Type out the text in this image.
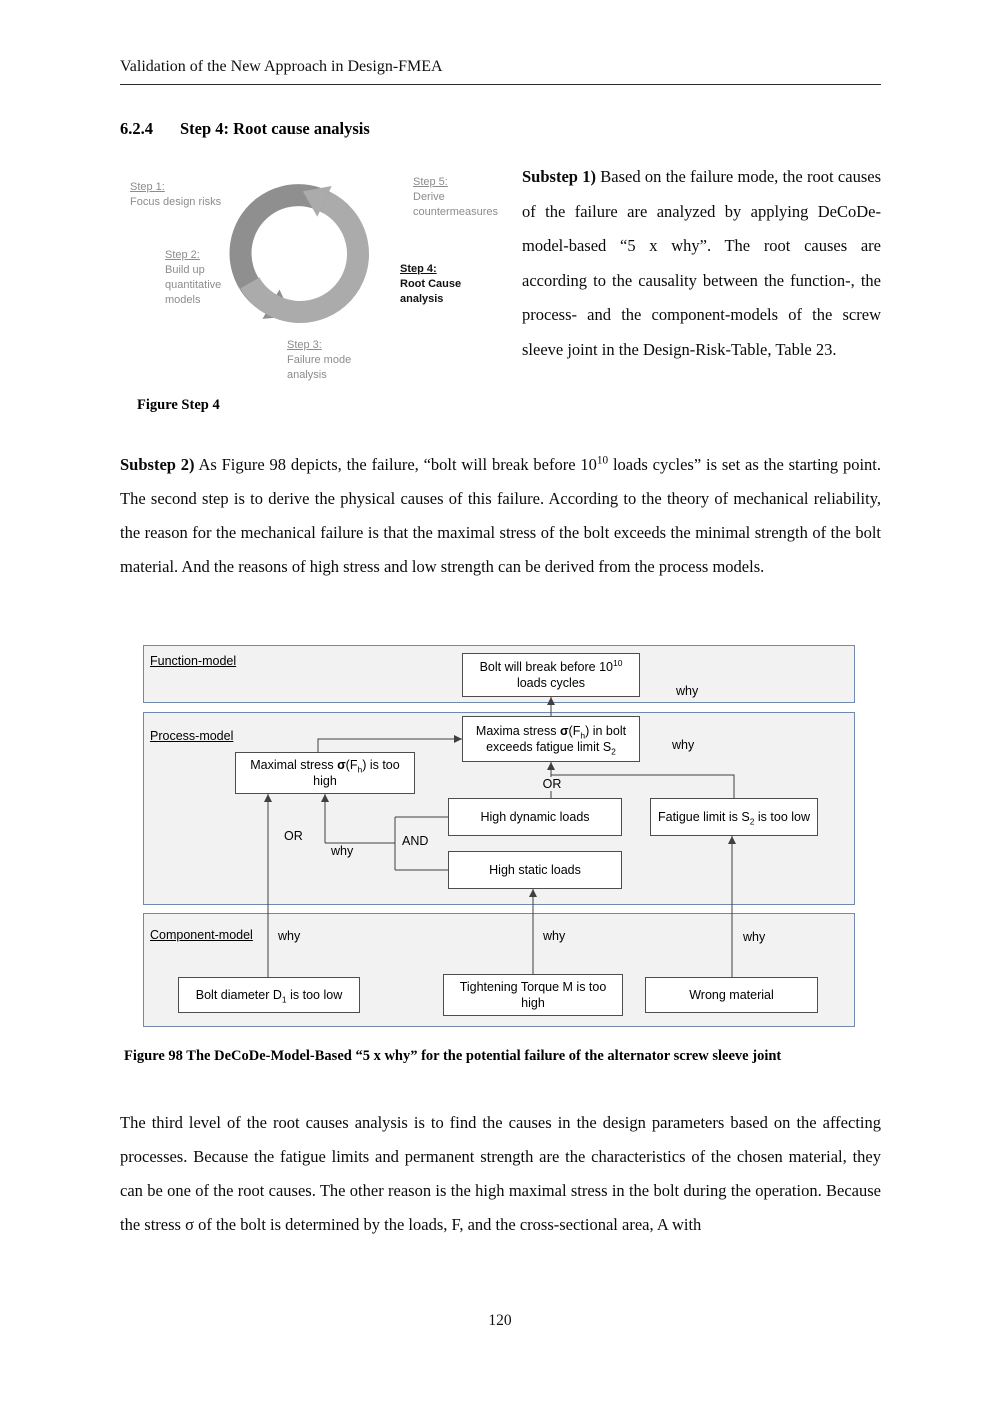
Validation of the New Approach in Design-FMEA
6.2.4 Step 4: Root cause analysis
Step 1:
Focus design risks
Step 2:
Build up quantitative models
Step 3:
Failure mode analysis
Step 4:
Root Cause analysis
Step 5:
Derive countermeasures
Figure Step 4

Substep 1) Based on the failure mode, the root causes of the failure are analyzed by applying DeCoDe-model-based “5 x why”. The root causes are according to the causality between the function-, the process- and the component-models of the screw sleeve joint in the Design-Risk-Table, Table 23.

Substep 2) As Figure 98 depicts, the failure, “bolt will break before $10^{10}$ loads cycles” is set as the starting point. The second step is to derive the physical causes of this failure. According to the theory of mechanical reliability, the reason for the mechanical failure is that the maximal stress of the bolt exceeds the minimal strength of the bolt material. And the reasons of high stress and low strength can be derived from the process models.

Function-model
Process-model
Component-model
Bolt will break before $10^{10}$ loads cycles
why
Maxima stress $\sigma(F_h)$ in bolt exceeds fatigue limit $S_2$	why
Maximal stress $\sigma(F_h)$ is too high	OR
High dynamic loads	Fatigue limit is $S_2$ is too low
OR
why
AND
High static loads
why	why	why
Bolt diameter $D_1$ is too low
Tightening Torque M is too high
Wrong material
Figure 98 The DeCoDe-Model-Based “5 x why” for the potential failure of the alternator screw sleeve joint

The third level of the root causes analysis is to find the causes in the design parameters based on the affecting processes. Because the fatigue limits and permanent strength are the characteristics of the chosen material, they can be one of the root causes. The other reason is the high maximal stress in the bolt during the operation. Because the stress σ of the bolt is determined by the loads, F, and the cross-sectional area, A with

120
